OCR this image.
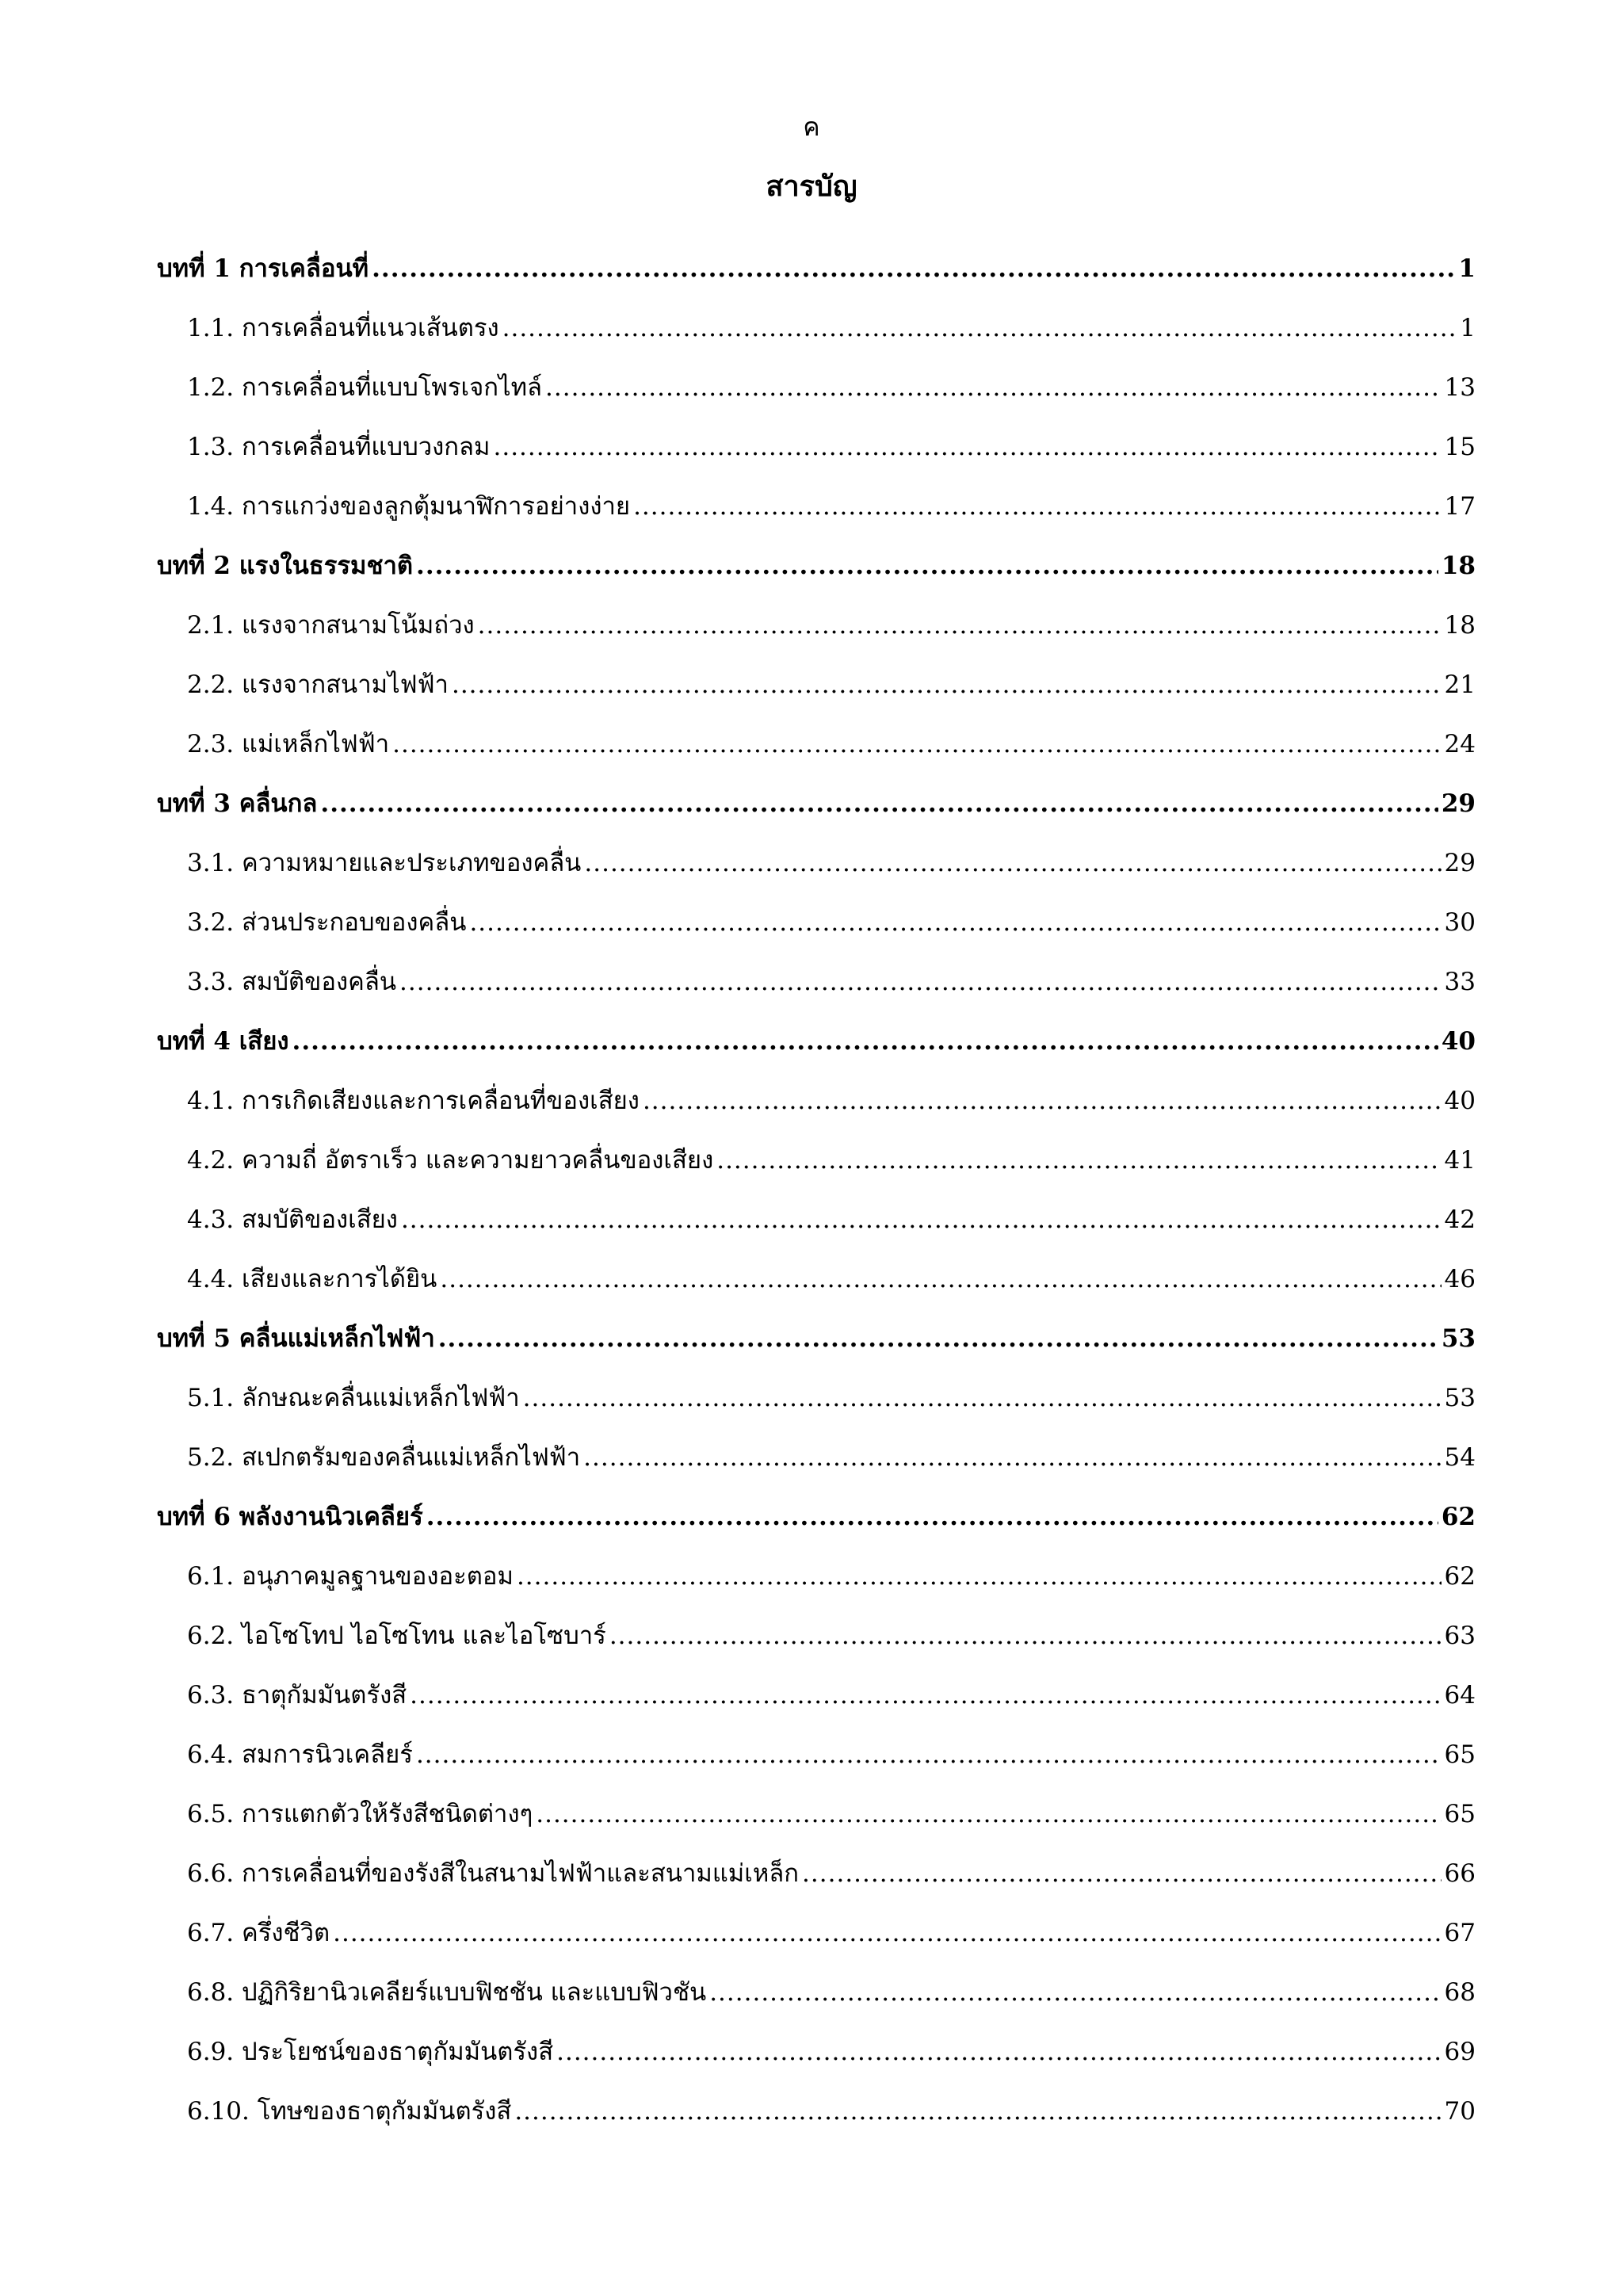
ค
สารบัญ
บทที่ 1 การเคลื่อนที่ .....	1
1.1. การเคลื่อนที่แนวเส้นตรง .....	1
1.2. การเคลื่อนที่แบบโพรเจกไทล์ .....	13
1.3. การเคลื่อนที่แบบวงกลม .....	15
1.4. การแกว่งของลูกตุ้มนาฬิการอย่างง่าย .....	17
บทที่ 2 แรงในธรรมชาติ .....	18
2.1. แรงจากสนามโน้มถ่วง .....	18
2.2. แรงจากสนามไฟฟ้า .....	21
2.3. แม่เหล็กไฟฟ้า .....	24
บทที่ 3 คลื่นกล .....	29
3.1. ความหมายและประเภทของคลื่น .....	29
3.2. ส่วนประกอบของคลื่น .....	30
3.3. สมบัติของคลื่น .....	33
บทที่ 4 เสียง .....	40
4.1. การเกิดเสียงและการเคลื่อนที่ของเสียง .....	40
4.2. ความถี่ อัตราเร็ว และความยาวคลื่นของเสียง .....	41
4.3. สมบัติของเสียง .....	42
4.4. เสียงและการได้ยิน .....	46
บทที่ 5 คลื่นแม่เหล็กไฟฟ้า .....	53
5.1. ลักษณะคลื่นแม่เหล็กไฟฟ้า .....	53
5.2. สเปกตรัมของคลื่นแม่เหล็กไฟฟ้า .....	54
บทที่ 6 พลังงานนิวเคลียร์ .....	62
6.1. อนุภาคมูลฐานของอะตอม .....	62
6.2. ไอโซโทป ไอโซโทน และไอโซบาร์ .....	63
6.3. ธาตุกัมมันตรังสี .....	64
6.4. สมการนิวเคลียร์ .....	65
6.5. การแตกตัวให้รังสีชนิดต่างๆ .....	65
6.6. การเคลื่อนที่ของรังสีในสนามไฟฟ้าและสนามแม่เหล็ก .....	66
6.7. ครึ่งชีวิต .....	67
6.8. ปฏิกิริยานิวเคลียร์แบบฟิชชัน และแบบฟิวชัน .....	68
6.9. ประโยชน์ของธาตุกัมมันตรังสี .....	69
6.10. โทษของธาตุกัมมันตรังสี .....	70
